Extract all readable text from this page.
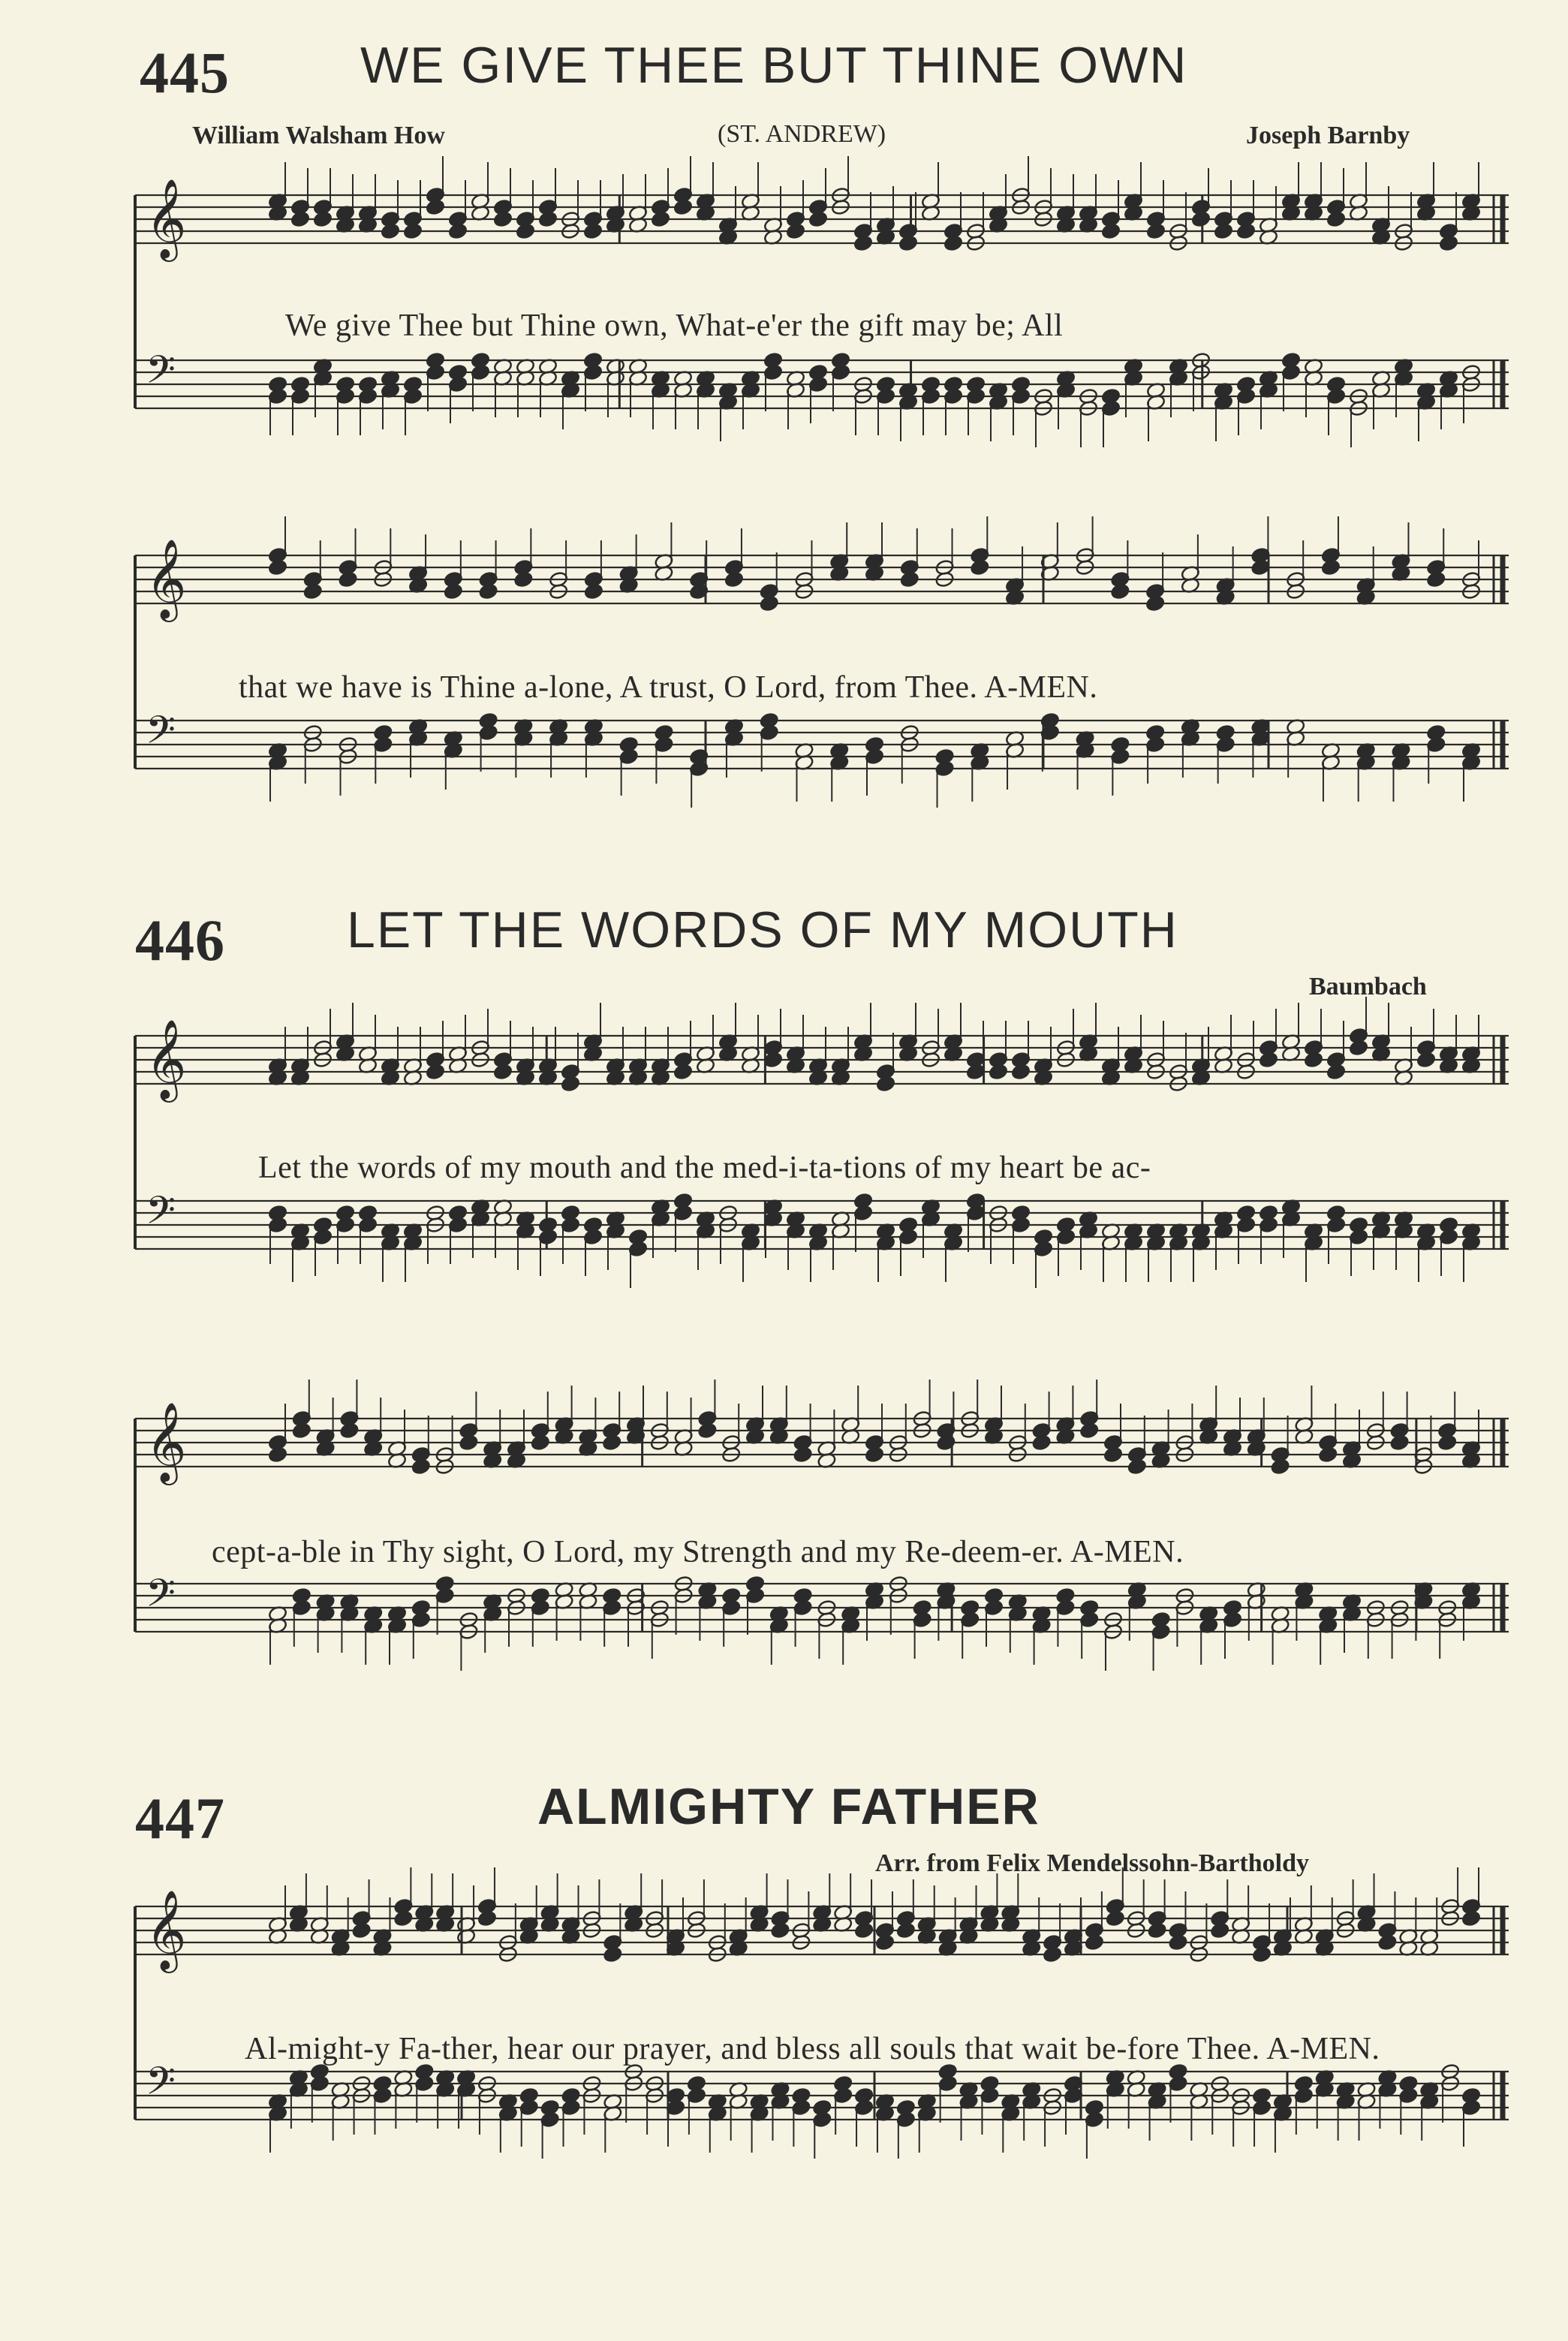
445	WE GIVE THEE BUT THINE OWN
William Walsham How	(ST. ANDREW)	Joseph Barnby
𝄞
𝄢
We give Thee but Thine own, What-e'er the gift may be; All
𝄞
𝄢
that we have is Thine a-lone, A trust, O Lord, from Thee. A-MEN.
446 LET THE WORDS OF MY MOUTH
Baumbach
𝄞
𝄢
Let the words of my mouth and the med-i-ta-tions of my heart be ac-
𝄞
𝄢
cept-a-ble in Thy sight, O Lord, my Strength and my Re-deem-er. A-MEN.
447	ALMIGHTY FATHER
Arr. from Felix Mendelssohn-Bartholdy
𝄞
𝄢
Al-might-y Fa-ther, hear our prayer, and bless all souls that wait be-fore Thee. A-MEN.
